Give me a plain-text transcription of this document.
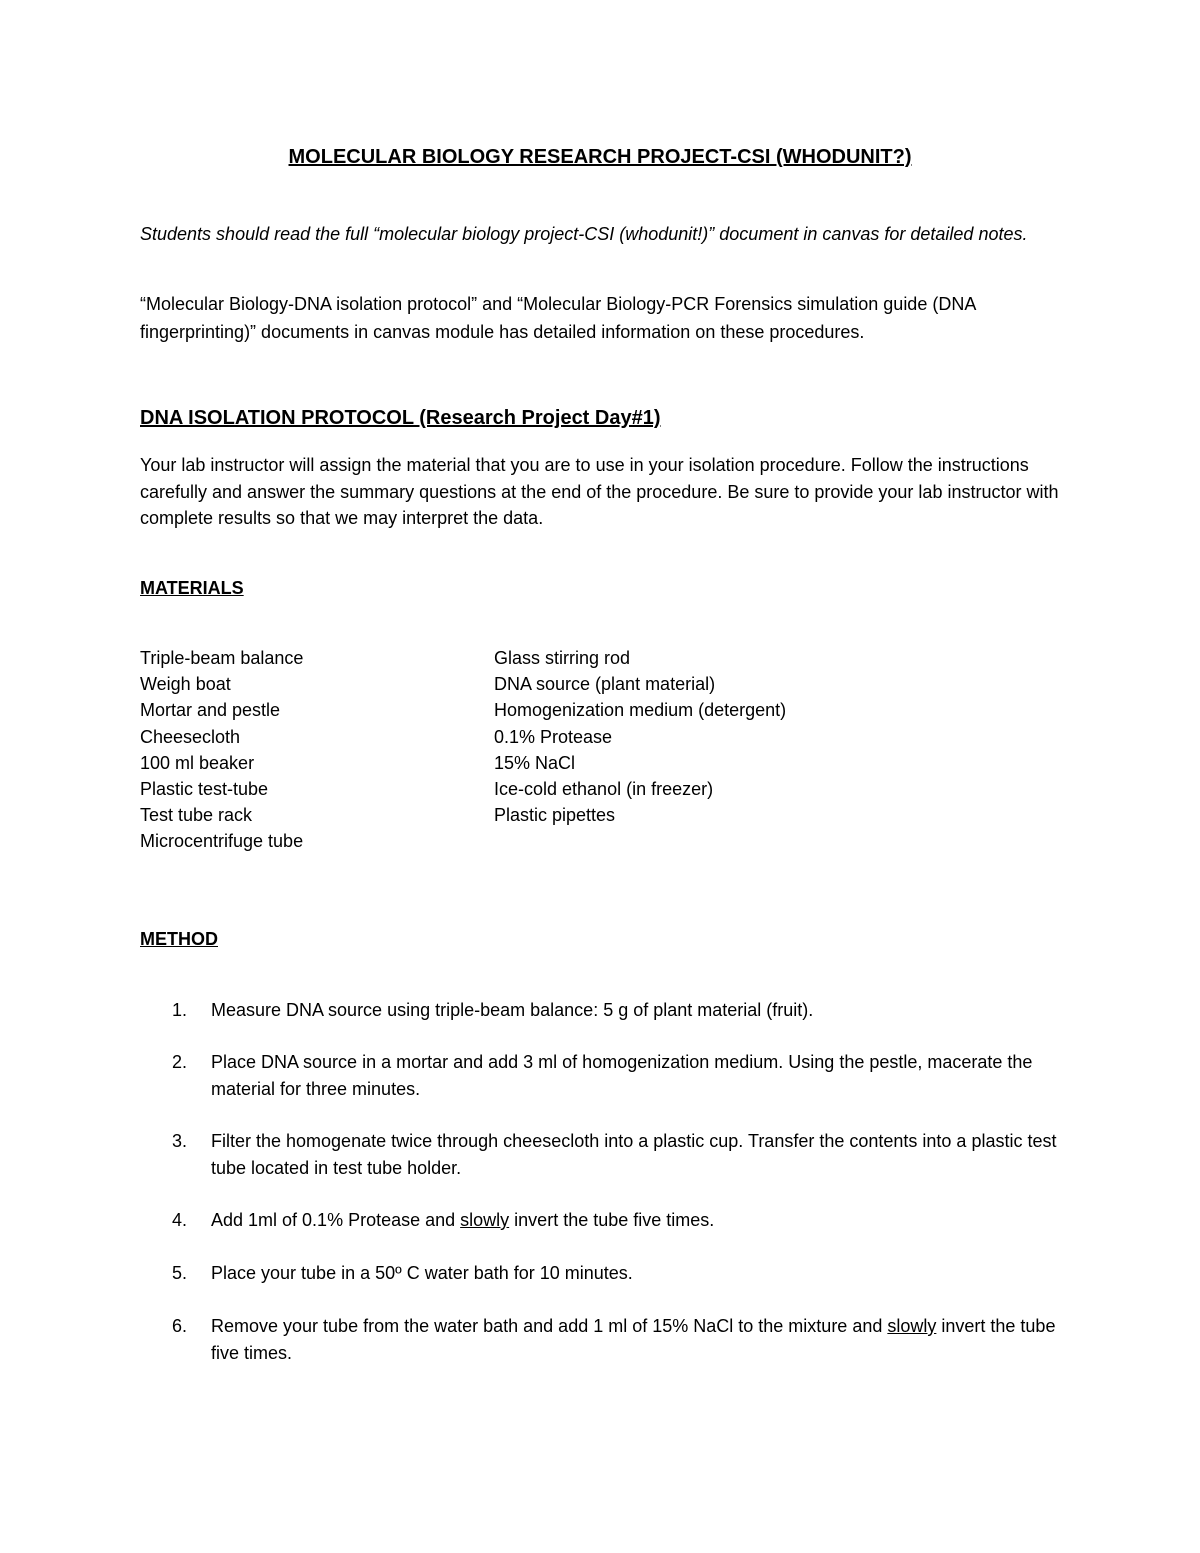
MOLECULAR BIOLOGY RESEARCH PROJECT-CSI (WHODUNIT?)
Students should read the full “molecular biology project-CSI (whodunit!)” document in canvas for detailed notes.
“Molecular Biology-DNA isolation protocol” and “Molecular Biology-PCR Forensics simulation guide (DNA fingerprinting)” documents in canvas module has detailed information on these procedures.
DNA ISOLATION PROTOCOL (Research Project Day#1)
Your lab instructor will assign the material that you are to use in your isolation procedure. Follow the instructions carefully and answer the summary questions at the end of the procedure. Be sure to provide your lab instructor with complete results so that we may interpret the data.
MATERIALS
Triple-beam balance
Weigh boat
Mortar and pestle
Cheesecloth
100 ml beaker
Plastic test-tube
Test tube rack
Microcentrifuge tube
Glass stirring rod
DNA source (plant material)
Homogenization medium (detergent)
0.1% Protease
15% NaCl
Ice-cold ethanol (in freezer)
Plastic pipettes
METHOD
1.	Measure DNA source using triple-beam balance: 5 g of plant material (fruit).
2.	Place DNA source in a mortar and add 3 ml of homogenization medium. Using the pestle, macerate the material for three minutes.
3.	Filter the homogenate twice through cheesecloth into a plastic cup. Transfer the contents into a plastic test tube located in test tube holder.
4.	Add 1ml of 0.1% Protease and slowly invert the tube five times.
5.	Place your tube in a 50º C water bath for 10 minutes.
6.	Remove your tube from the water bath and add 1 ml of 15% NaCl to the mixture and slowly invert the tube five times.
